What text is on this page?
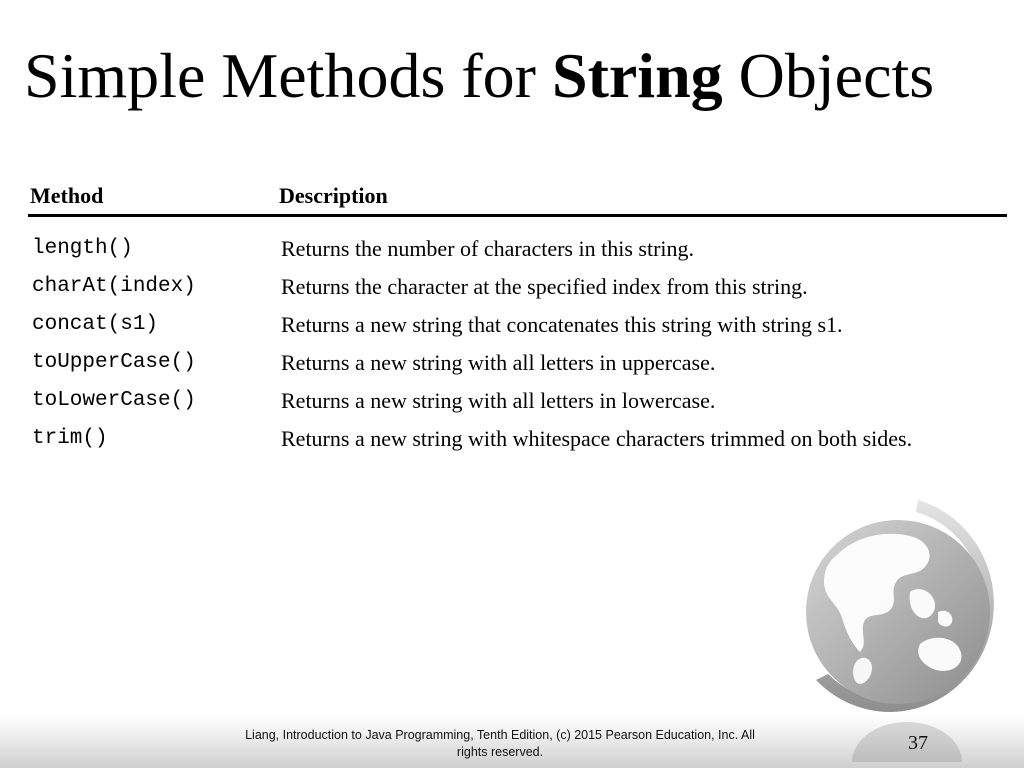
Simple Methods for String Objects
Method	Description
length()	Returns the number of characters in this string.
charAt(index)	Returns the character at the specified index from this string.
concat(s1)	Returns a new string that concatenates this string with string s1.
toUpperCase()	Returns a new string with all letters in uppercase.
toLowerCase()	Returns a new string with all letters in lowercase.
trim()	Returns a new string with whitespace characters trimmed on both sides.
Liang, Introduction to Java Programming, Tenth Edition, (c) 2015 Pearson Education, Inc. All
rights reserved.	37
